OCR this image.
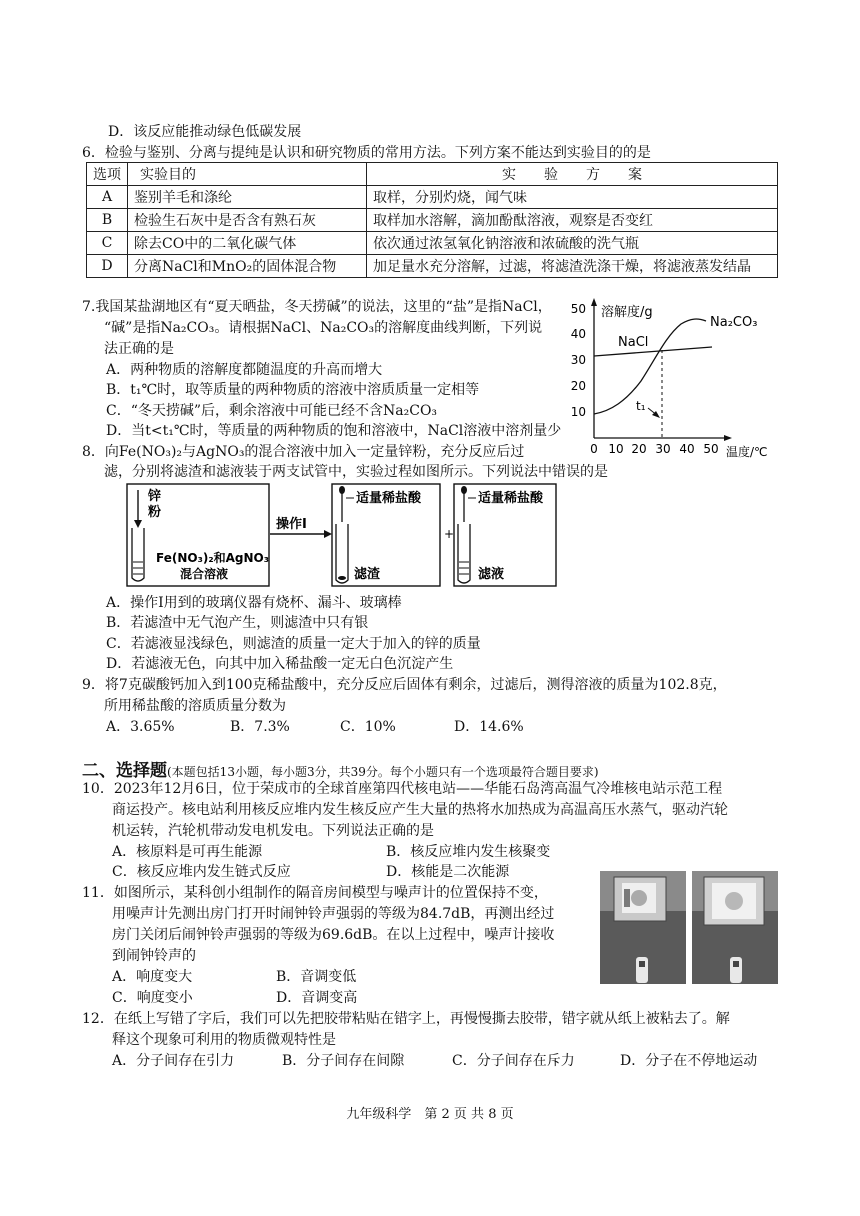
D．该反应能推动绿色低碳发展
6．检验与鉴别、分离与提纯是认识和研究物质的常用方法。下列方案不能达到实验目的的是
选项	实验目的	实　　验　　方　　案
A	鉴别羊毛和涤纶	取样，分别灼烧，闻气味
B	检验生石灰中是否含有熟石灰	取样加水溶解，滴加酚酞溶液，观察是否变红
C	除去CO中的二氧化碳气体	依次通过浓氢氧化钠溶液和浓硫酸的洗气瓶
D	分离NaCl和MnO₂的固体混合物	加足量水充分溶解，过滤，将滤渣洗涤干燥，将滤液蒸发结晶
7.我国某盐湖地区有“夏天晒盐，冬天捞碱”的说法，这里的“盐”是指NaCl，
“碱”是指Na₂CO₃。请根据NaCl、Na₂CO₃的溶解度曲线判断，下列说
法正确的是
A．两种物质的溶解度都随温度的升高而增大
B．t₁℃时，取等质量的两种物质的溶液中溶质质量一定相等
C．“冬天捞碱”后，剩余溶液中可能已经不含Na₂CO₃
D．当t<t₁℃时，等质量的两种物质的饱和溶液中，NaCl溶液中溶剂量少
10
20
30
40
50 溶解度/g
0 10 20 30 40 50 温度/℃
NaCl
Na₂CO₃
t₁
8．向Fe(NO₃)₂与AgNO₃的混合溶液中加入一定量锌粉，充分反应后过
滤，分别将滤渣和滤液装于两支试管中，实验过程如图所示。下列说法中错误的是
锌
粉
Fe(NO₃)₂和AgNO₃
混合溶液
操作Ⅰ
适量稀盐酸
滤渣
+
适量稀盐酸
滤液
A．操作Ⅰ用到的玻璃仪器有烧杯、漏斗、玻璃棒
B．若滤渣中无气泡产生，则滤渣中只有银
C．若滤液显浅绿色，则滤渣的质量一定大于加入的锌的质量
D．若滤液无色，向其中加入稀盐酸一定无白色沉淀产生
9．将7克碳酸钙加入到100克稀盐酸中，充分反应后固体有剩余，过滤后，测得溶液的质量为102.8克，
所用稀盐酸的溶质质量分数为
A．3.65%	B．7.3%	C．10%	D．14.6%
二、选择题(本题包括13小题，每小题3分，共39分。每个小题只有一个选项最符合题目要求)
10．2023年12月6日，位于荣成市的全球首座第四代核电站——华能石岛湾高温气冷堆核电站示范工程
商运投产。核电站利用核反应堆内发生核反应产生大量的热将水加热成为高温高压水蒸气，驱动汽轮
机运转，汽轮机带动发电机发电。下列说法正确的是
A．核原料是可再生能源	B．核反应堆内发生核聚变
C．核反应堆内发生链式反应	D．核能是二次能源
11．如图所示，某科创小组制作的隔音房间模型与噪声计的位置保持不变，
用噪声计先测出房门打开时闹钟铃声强弱的等级为84.7dB，再测出经过
房门关闭后闹钟铃声强弱的等级为69.6dB。在以上过程中，噪声计接收
到闹钟铃声的
A．响度变大	B．音调变低
C．响度变小	D．音调变高
12．在纸上写错了字后，我们可以先把胶带粘贴在错字上，再慢慢撕去胶带，错字就从纸上被粘去了。解
释这个现象可利用的物质微观特性是
A．分子间存在引力	B．分子间存在间隙	C．分子间存在斥力	D．分子在不停地运动
九年级科学　第 2 页 共 8 页
